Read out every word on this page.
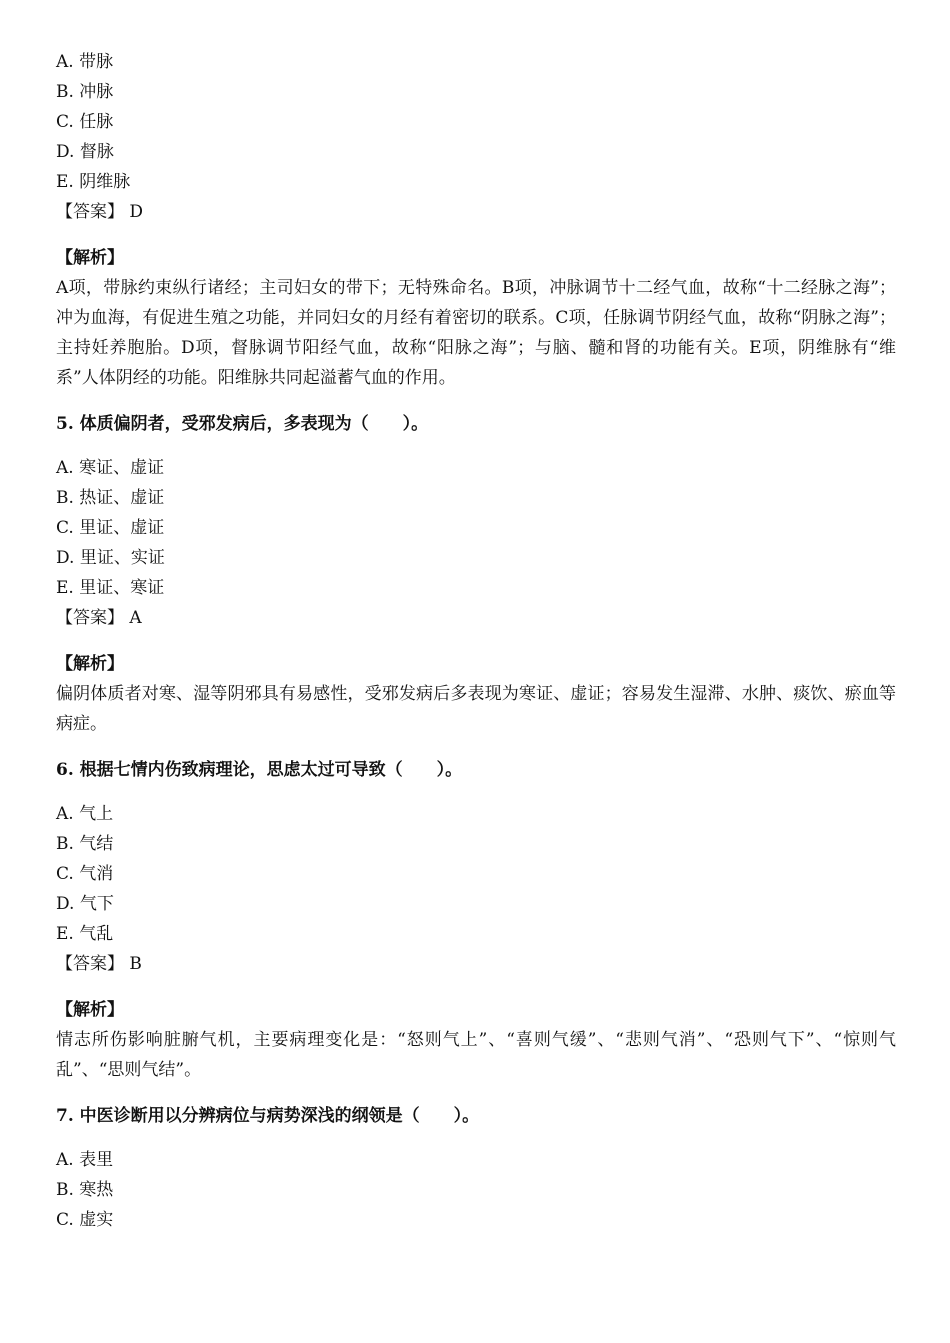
A. 带脉
B. 冲脉
C. 任脉
D. 督脉
E. 阴维脉
【答案】 D
【解析】
A项，带脉约束纵行诸经；主司妇女的带下；无特殊命名。B项，冲脉调节十二经气血，故称“十二经脉之海”；冲为血海，有促进生殖之功能，并同妇女的月经有着密切的联系。C项，任脉调节阴经气血，故称“阴脉之海”；主持妊养胞胎。D项，督脉调节阳经气血，故称“阳脉之海”；与脑、髓和肾的功能有关。E项，阴维脉有“维系”人体阴经的功能。阳维脉共同起溢蓄气血的作用。
5. 体质偏阴者，受邪发病后，多表现为（　　）。
A. 寒证、虚证
B. 热证、虚证
C. 里证、虚证
D. 里证、实证
E. 里证、寒证
【答案】 A
【解析】
偏阴体质者对寒、湿等阴邪具有易感性，受邪发病后多表现为寒证、虚证；容易发生湿滞、水肿、痰饮、瘀血等病症。
6. 根据七情内伤致病理论，思虑太过可导致（　　）。
A. 气上
B. 气结
C. 气消
D. 气下
E. 气乱
【答案】 B
【解析】
情志所伤影响脏腑气机，主要病理变化是：“怒则气上”、“喜则气缓”、“悲则气消”、“恐则气下”、“惊则气乱”、“思则气结”。
7. 中医诊断用以分辨病位与病势深浅的纲领是（　　）。
A. 表里
B. 寒热
C. 虚实
